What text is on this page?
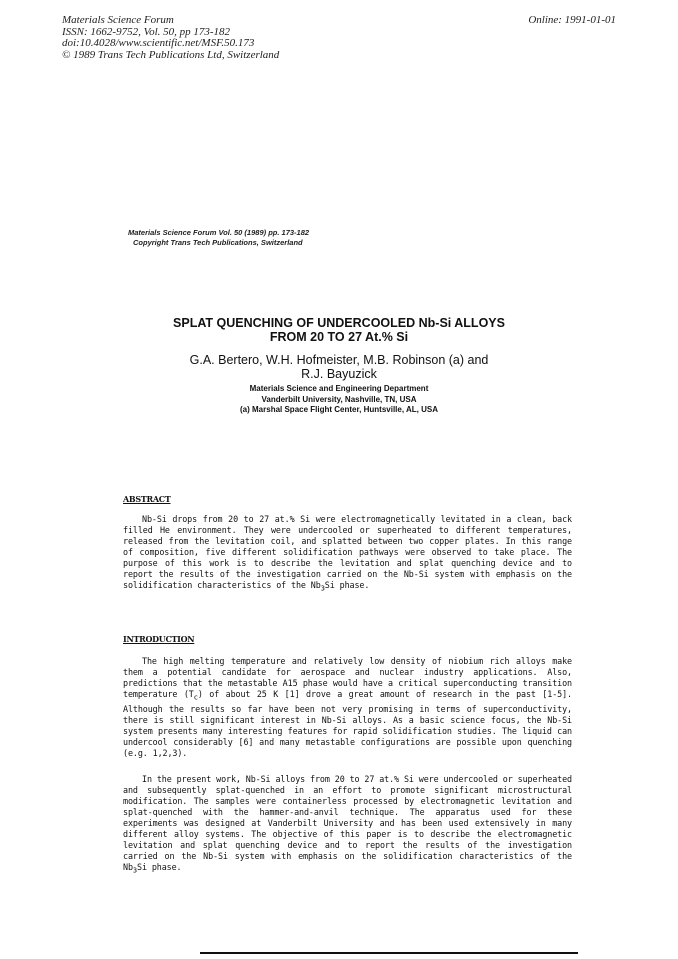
Materials Science Forum
ISSN: 1662-9752, Vol. 50, pp 173-182
doi:10.4028/www.scientific.net/MSF.50.173
© 1989 Trans Tech Publications Ltd, Switzerland
Online: 1991-01-01
Materials Science Forum Vol. 50 (1989) pp. 173-182
Copyright Trans Tech Publications, Switzerland
SPLAT QUENCHING OF UNDERCOOLED Nb-Si ALLOYS
FROM 20 TO 27 At.% Si
G.A. Bertero, W.H. Hofmeister, M.B. Robinson (a) and
R.J. Bayuzick
Materials Science and Engineering Department
Vanderbilt University, Nashville, TN, USA
(a) Marshal Space Flight Center, Huntsville, AL, USA
ABSTRACT

Nb-Si drops from 20 to 27 at.% Si were electromagnetically levitated in a clean, back filled He environment. They were undercooled or superheated to different temperatures, released from the levitation coil, and splatted between two copper plates. In this range of composition, five different solidification pathways were observed to take place. The purpose of this work is to describe the levitation and splat quenching device and to report the results of the investigation carried on the Nb-Si system with emphasis on the solidification characteristics of the $Nb_3Si$ phase.

INTRODUCTION

The high melting temperature and relatively low density of niobium rich alloys make them a potential candidate for aerospace and nuclear industry applications. Also, predictions that the metastable A15 phase would have a critical superconducting transition temperature $(T_c)$ of about 25 K [1] drove a great amount of research in the past [1-5]. Although the results so far have been not very promising in terms of superconductivity, there is still significant interest in Nb-Si alloys. As a basic science focus, the Nb-Si system presents many interesting features for rapid solidification studies. The liquid can undercool considerably [6] and many metastable configurations are possible upon quenching (e.g. 1,2,3).

In the present work, Nb-Si alloys from 20 to 27 at.% Si were undercooled or superheated and subsequently splat-quenched in an effort to promote significant microstructural modification. The samples were containerless processed by electromagnetic levitation and splat-quenched with the hammer-and-anvil technique. The apparatus used for these experiments was designed at Vanderbilt University and has been used extensively in many different alloy systems. The objective of this paper is to describe the electromagnetic levitation and splat quenching device and to report the results of the investigation carried on the Nb-Si system with emphasis on the solidification characteristics of the $Nb_3Si$ phase.
